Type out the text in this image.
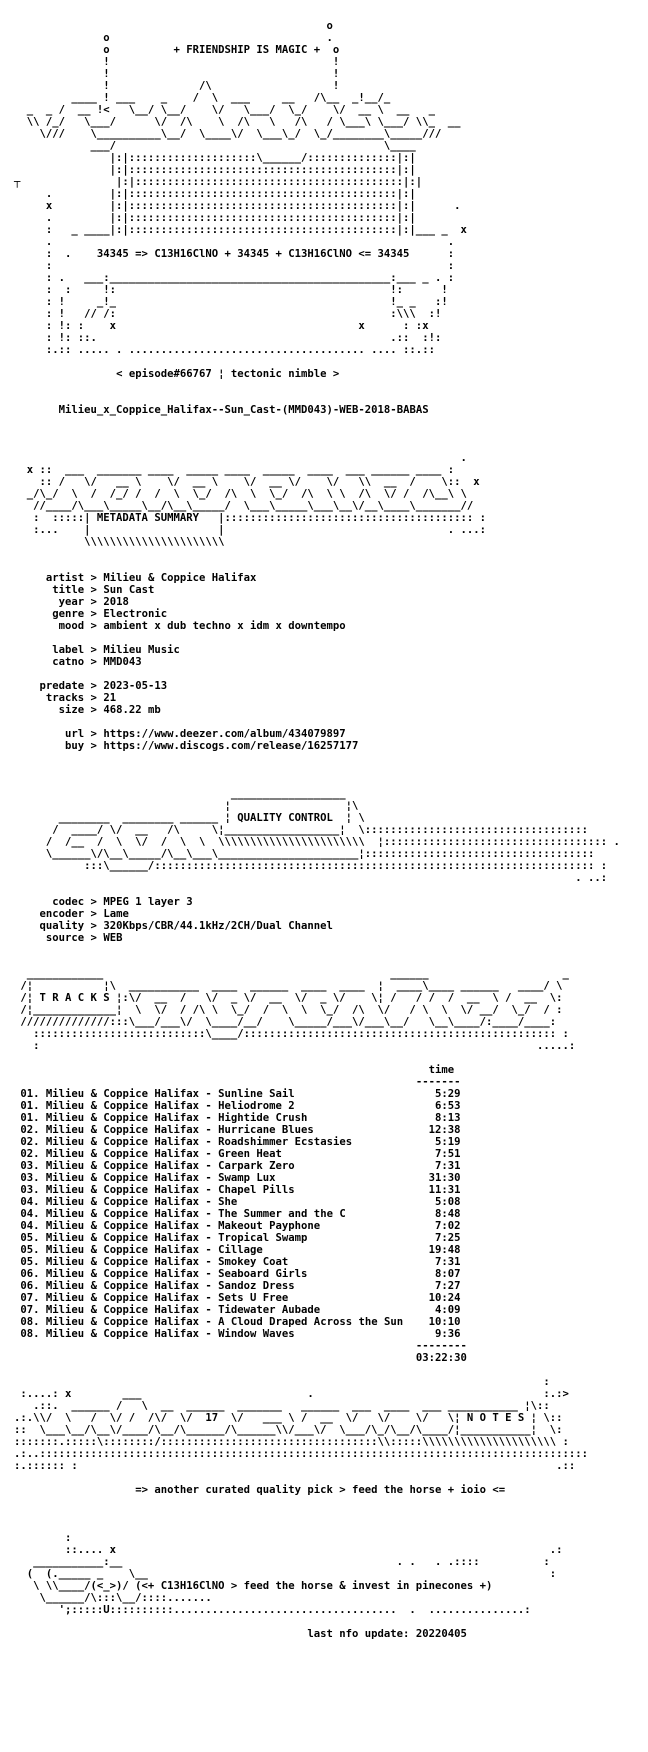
o
o                                  .
o          + FRIENDSHIP IS MAGIC +  o
!                                   !
!                                   !
!              /\                   !
____ ! ___    _    /  \  ___     __   /\__  _!__/_
_  _ /  __ !<   \__/ \__/    \/   \___/  \_/    \/  __ \  __   _
\\ /_/   \___/      \/  /\    \  /\   \   /\   / \___\ \___/ \\_  __
\///    \__________\__/  \____\/  \___\_/  \_/________\_____///
___/                                          \____
|:|::::::::::::::::::::\______/::::::::::::::|:|
|:|::::::::::::::::::::::::::::::::::::::::::|:|
┬               |:|::::::::::::::::::::::::::::::::::::::::::|:|
.         |:|::::::::::::::::::::::::::::::::::::::::::|:|
x         |:|::::::::::::::::::::::::::::::::::::::::::|:|      .
.         |:|::::::::::::::::::::::::::::::::::::::::::|:|
:   _ ____|:|::::::::::::::::::::::::::::::::::::::::::|:|___ _  x
.                                                              .
:  .    34345 => C13H16ClNO + 34345 + C13H16ClNO <= 34345      :
:                                                              :
: .   ___:____________________________________________:___ _ . :
:  :     !:                                           !:      !
: !     _!_                                           !_ _   :!
: !   // /:                                           :\\\  :!
: !: :    x                                      x      : :x
: !: ::.                                              .::  :!:
:.:: ..... . ..................................... .... ::.::
< episode#66767 ¦ tectonic nimble >
Milieu_x_Coppice_Halifax--Sun_Cast-(MMD043)-WEB-2018-BABAS
.
x ::  ___  _______ ____  _____ ____  _____  ____  ___ ______ ____ :
:: /   \/   __ \    \/  __ \    \/  __ \/    \/   \\  __  /    \::  x
_/\_/  \  /  /_/ /  /  \  \_/  /\  \  \_/  /\  \ \  /\  \/ /  /\__\ \
//____/\___\_____\__/\__\_____/  \___\_____\___\__\/__\____\_______//
:  :::::| METADATA SUMMARY   |::::::::::::::::::::::::::::::::::::::: :
:...    |                    |                                   . ...:
\\\\\\\\\\\\\\\\\\\\\\
artist > Milieu & Coppice Halifax
title > Sun Cast
year > 2018
genre > Electronic
mood > ambient x dub techno x idm x downtempo
label > Milieu Music
catno > MMD043
predate > 2023-05-13
tracks > 21
size > 468.22 mb
url > https://www.deezer.com/album/434079897
buy > https://www.discogs.com/release/16257177
__________________
¦                  ¦\
________  ________ ______ ¦ QUALITY CONTROL  ¦ \
/  ____/ \/  __   /\     \¦__________________¦  \:::::::::::::::::::::::::::::::::::
/  /__  /  \  \/  /  \  \  \\\\\\\\\\\\\\\\\\\\\\\  ¦::::::::::::::::::::::::::::::::::: .
\______\/\__\_____/\__\___\______________________¦::::::::::::::::::::::::::::::::::::
:::\______/::::::::::::::::::::::::::::::::::::::::::::::::::::::::::::::::::::: :
. ..:
codec > MPEG 1 layer 3
encoder > Lame
quality > 320Kbps/CBR/44.1kHz/2CH/Dual Channel
source > WEB
____________                                             ______                     _
/¦           ¦\  ___________  ____  ______  ____  ____  ¦  ____\____ ______   ____/ \
/¦ T R A C K S ¦:\/  __  /   \/  _ \/  __  \/  _ \/    \¦ /   / /  /  __  \ /  __  \:
/¦_____________¦  \  \/  / /\ \  \_/  /  \  \  \_/  /\  \/   / \  \  \/ __/  \_/  / :
//////////////:::\___/___\/  \____/__/    \_____/___\/___\__/   \__\____/:____/____:
:::::::::::::::::::::::::::\____/::::::::::::::::::::::::::::::::::::::::::::::::: :
:                                                                              .....:
time
-------
01. Milieu & Coppice Halifax - Sunline Sail	5:29
01. Milieu & Coppice Halifax - Heliodrome 2	6:53
01. Milieu & Coppice Halifax - Hightide Crush	8:13
02. Milieu & Coppice Halifax - Hurricane Blues	12:38
02. Milieu & Coppice Halifax - Roadshimmer Ecstasies	5:19
02. Milieu & Coppice Halifax - Green Heat	7:51
03. Milieu & Coppice Halifax - Carpark Zero	7:31
03. Milieu & Coppice Halifax - Swamp Lux	31:30
03. Milieu & Coppice Halifax - Chapel Pills	11:31
04. Milieu & Coppice Halifax - She	5:08
04. Milieu & Coppice Halifax - The Summer and the C	8:48
04. Milieu & Coppice Halifax - Makeout Payphone	7:02
05. Milieu & Coppice Halifax - Tropical Swamp	7:25
05. Milieu & Coppice Halifax - Cillage	19:48
05. Milieu & Coppice Halifax - Smokey Coat	7:31
06. Milieu & Coppice Halifax - Seaboard Girls	8:07
06. Milieu & Coppice Halifax - Sandoz Dress	7:27
07. Milieu & Coppice Halifax - Sets U Free	10:24
07. Milieu & Coppice Halifax - Tidewater Aubade	4:09
08. Milieu & Coppice Halifax - A Cloud Draped Across the Sun 10:10
08. Milieu & Coppice Halifax - Window Waves	9:36
--------
03:22:30
:
:....: x        ___                          .                                    :.:>
.::.  ______ /   \  __  ______  _______   ______  ___  ____  ___ ___________ ¦\::
.:.\\/  \   /  \/ /  /\/  \/  17  \/   ___ \ /  __  \/   \/    \/   \¦ N O T E S ¦ \::
::  \___\__/\__\/____/\__/\______/\______\\/___\/  \___/\_/\__/\____/¦___________¦  \:
:::::::.:::::\::::::::/::::::::::::::::::::::::::::::::::\\:::::\\\\\\\\\\\\\\\\\\\\\ :
.:..::::::::::::::::::::::::::::::::::::::::::::::::::::::::::::::::::::::::::::::::::::::
:.:::::: :                                                                           .::
=> another curated quality pick > feed the horse + ioio <=
:
::.... x                                                                    .:
___________:__                                           . .   . .::::          :
(  (._____ _    \__                                                               :
\ \\____/(<_>)/ (<+ C13H16ClNO > feed the horse & invest in pinecones +)
\______/\:::\__/::::.......
';:::::U::::::::::...................................  .  ...............:
last nfo update: 20220405
